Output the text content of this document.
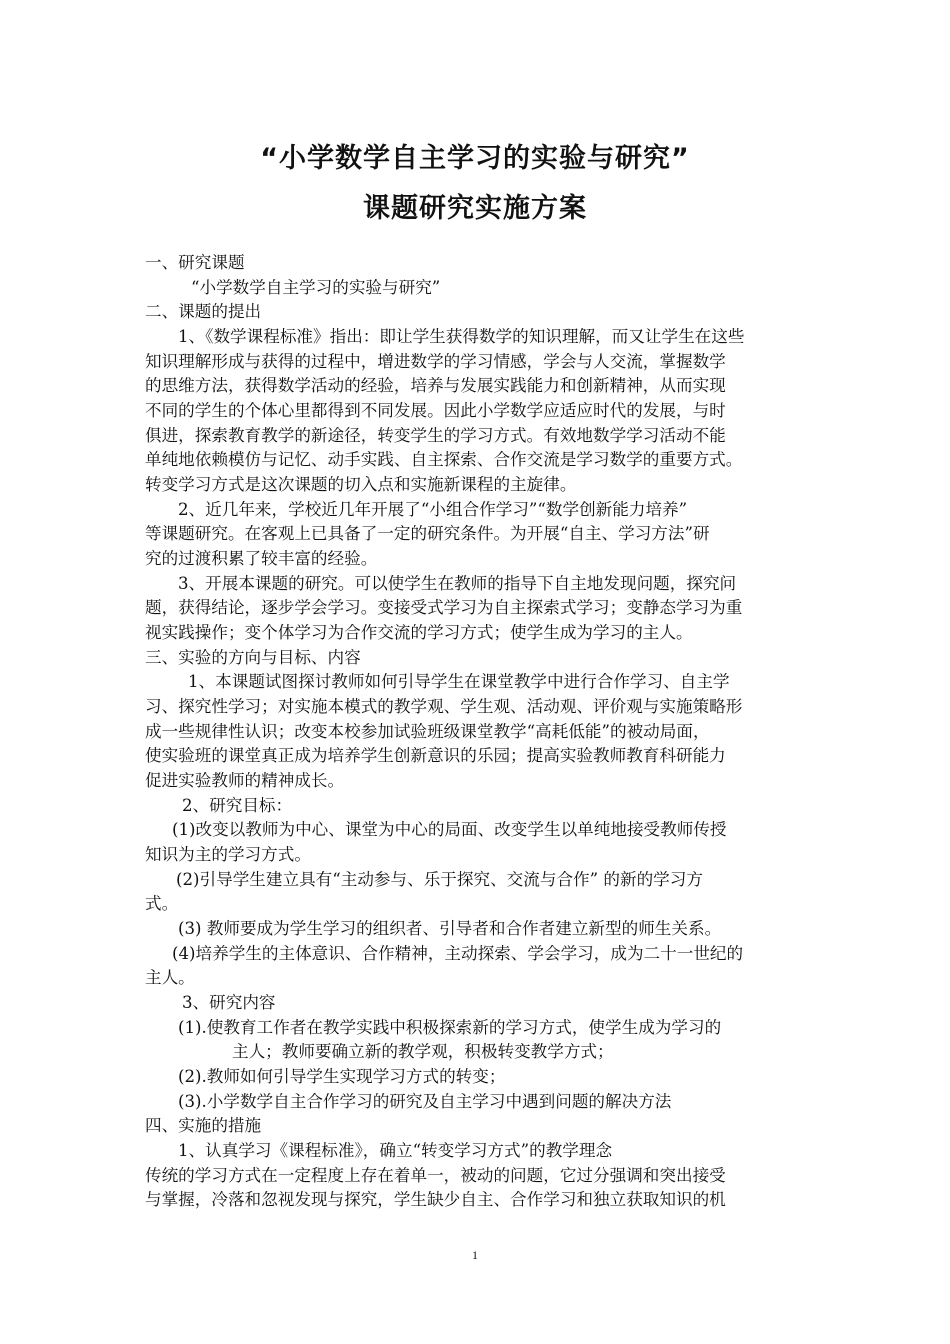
“小学数学自主学习的实验与研究”
课题研究实施方案
一、研究课题
“小学数学自主学习的实验与研究”
二、课题的提出
1、《数学课程标准》指出：即让学生获得数学的知识理解，而又让学生在这些
知识理解形成与获得的过程中，增进数学的学习情感，学会与人交流，掌握数学
的思维方法，获得数学活动的经验，培养与发展实践能力和创新精神，从而实现
不同的学生的个体心里都得到不同发展。因此小学数学应适应时代的发展，与时
俱进，探索教育教学的新途径，转变学生的学习方式。有效地数学学习活动不能
单纯地依赖模仿与记忆、动手实践、自主探索、合作交流是学习数学的重要方式。
转变学习方式是这次课题的切入点和实施新课程的主旋律。
2、近几年来，学校近几年开展了“小组合作学习”“数学创新能力培养”
等课题研究。在客观上已具备了一定的研究条件。为开展“自主、学习方法”研
究的过渡积累了较丰富的经验。
3、开展本课题的研究。可以使学生在教师的指导下自主地发现问题，探究问
题，获得结论，逐步学会学习。变接受式学习为自主探索式学习；变静态学习为重
视实践操作；变个体学习为合作交流的学习方式；使学生成为学习的主人。
三、实验的方向与目标、内容
1、本课题试图探讨教师如何引导学生在课堂教学中进行合作学习、自主学
习、探究性学习；对实施本模式的教学观、学生观、活动观、评价观与实施策略形
成一些规律性认识；改变本校参加试验班级课堂教学“高耗低能”的被动局面，
使实验班的课堂真正成为培养学生创新意识的乐园；提高实验教师教育科研能力
促进实验教师的精神成长。
2、研究目标：
(1)改变以教师为中心、课堂为中心的局面、改变学生以单纯地接受教师传授
知识为主的学习方式。
(2)引导学生建立具有“主动参与、乐于探究、交流与合作” 的新的学习方
式。
(3) 教师要成为学生学习的组织者、引导者和合作者建立新型的师生关系。
(4)培养学生的主体意识、合作精神，主动探索、学会学习，成为二十一世纪的
主人。
3、研究内容
(1).使教育工作者在教学实践中积极探索新的学习方式，使学生成为学习的
主人；教师要确立新的教学观，积极转变教学方式；
(2).教师如何引导学生实现学习方式的转变；
(3).小学数学自主合作学习的研究及自主学习中遇到问题的解决方法
四、实施的措施
1、认真学习《课程标准》，确立“转变学习方式”的教学理念
传统的学习方式在一定程度上存在着单一，被动的问题，它过分强调和突出接受
与掌握，冷落和忽视发现与探究，学生缺少自主、合作学习和独立获取知识的机
1
